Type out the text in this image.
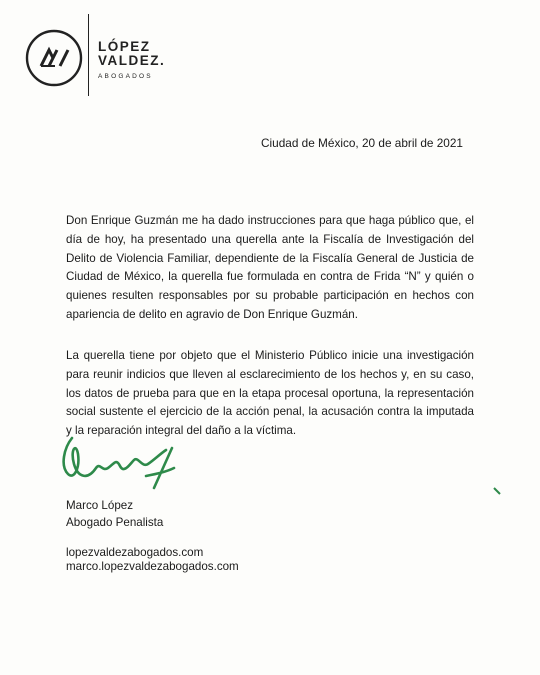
LÓPEZ
VALDEZ.
ABOGADOS
Ciudad de México, 20 de abril de 2021
Don Enrique Guzmán me ha dado instrucciones para que haga público que, el día de hoy, ha presentado una querella ante la Fiscalía de Investigación del Delito de Violencia Familiar, dependiente de la Fiscalía General de Justicia de Ciudad de México, la querella fue formulada en contra de Frida “N” y quién o quienes resulten responsables por su probable participación en hechos con apariencia de delito en agravio de Don Enrique Guzmán.
La querella tiene por objeto que el Ministerio Público inicie una investigación para reunir indicios que lleven al esclarecimiento de los hechos y, en su caso, los datos de prueba para que en la etapa procesal oportuna, la representación social sustente el ejercicio de la acción penal, la acusación contra la imputada y la reparación integral del daño a la víctima.
Marco López
Abogado Penalista
lopezvaldezabogados.com
marco.lopezvaldezabogados.com
